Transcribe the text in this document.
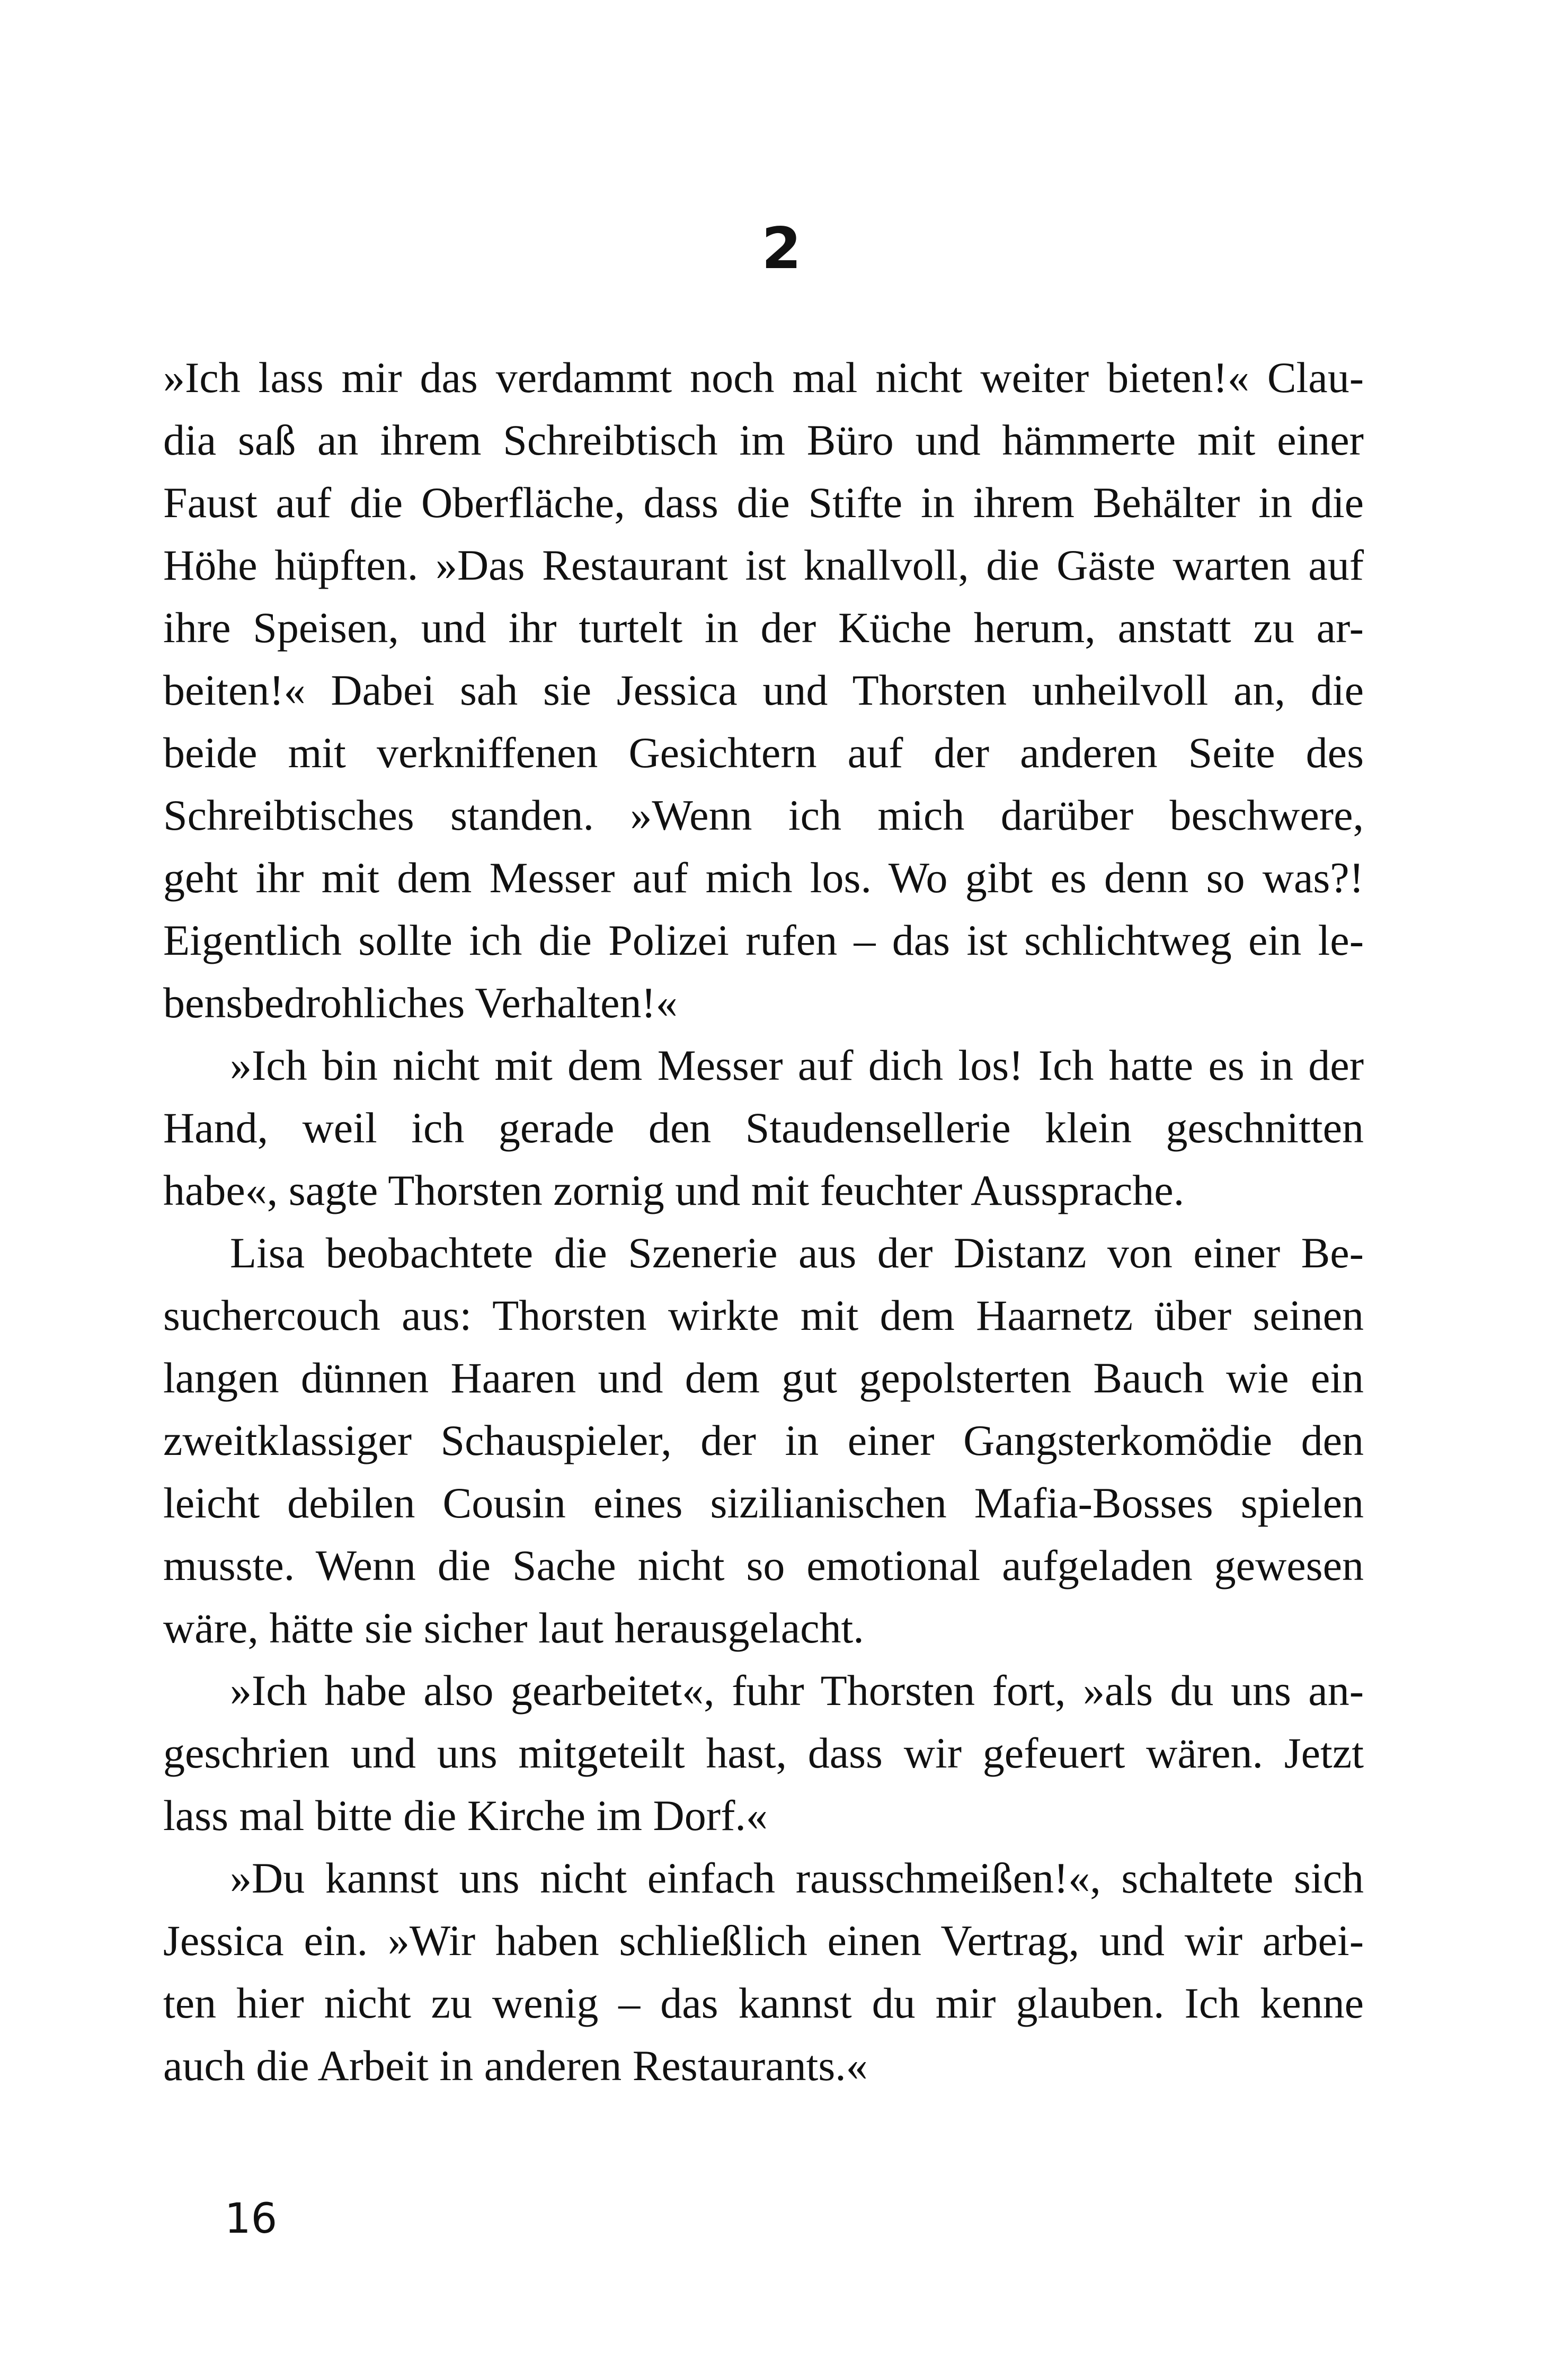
2

»Ich lass mir das verdammt noch mal nicht weiter bieten!« Clau-
dia saß an ihrem Schreibtisch im Büro und hämmerte mit einer
Faust auf die Oberfläche, dass die Stifte in ihrem Behälter in die
Höhe hüpften. »Das Restaurant ist knallvoll, die Gäste warten auf
ihre Speisen, und ihr turtelt in der Küche herum, anstatt zu ar-
beiten!« Dabei sah sie Jessica und Thorsten unheilvoll an, die
beide mit verkniffenen Gesichtern auf der anderen Seite des
Schreibtisches standen. »Wenn ich mich darüber beschwere,
geht ihr mit dem Messer auf mich los. Wo gibt es denn so was?!
Eigentlich sollte ich die Polizei rufen – das ist schlichtweg ein le-
bensbedrohliches Verhalten!«

»Ich bin nicht mit dem Messer auf dich los! Ich hatte es in der
Hand, weil ich gerade den Staudensellerie klein geschnitten
habe«, sagte Thorsten zornig und mit feuchter Aussprache.

Lisa beobachtete die Szenerie aus der Distanz von einer Be-
suchercouch aus: Thorsten wirkte mit dem Haarnetz über seinen
langen dünnen Haaren und dem gut gepolsterten Bauch wie ein
zweitklassiger Schauspieler, der in einer Gangsterkomödie den
leicht debilen Cousin eines sizilianischen Mafia-Bosses spielen
musste. Wenn die Sache nicht so emotional aufgeladen gewesen
wäre, hätte sie sicher laut herausgelacht.

»Ich habe also gearbeitet«, fuhr Thorsten fort, »als du uns an-
geschrien und uns mitgeteilt hast, dass wir gefeuert wären. Jetzt
lass mal bitte die Kirche im Dorf.«

»Du kannst uns nicht einfach rausschmeißen!«, schaltete sich
Jessica ein. »Wir haben schließlich einen Vertrag, und wir arbei-
ten hier nicht zu wenig – das kannst du mir glauben. Ich kenne
auch die Arbeit in anderen Restaurants.«

16
